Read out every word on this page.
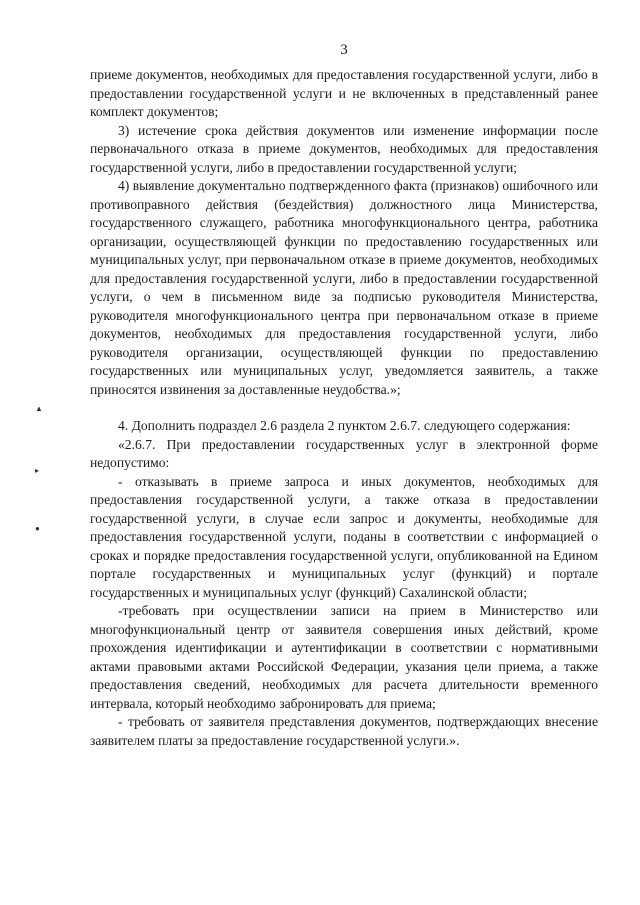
3
▲
▸
●

приеме документов, необходимых для предоставления государственной услуги, либо в предоставлении государственной услуги и не включенных в представленный ранее комплект документов;

3) истечение срока действия документов или изменение информации после первоначального отказа в приеме документов, необходимых для предоставления государственной услуги, либо в предоставлении государственной услуги;

4) выявление документально подтвержденного факта (признаков) ошибочного или противоправного действия (бездействия) должностного лица Министерства, государственного служащего, работника многофункционального центра, работника организации, осуществляющей функции по предоставлению государственных или муниципальных услуг, при первоначальном отказе в приеме документов, необходимых для предоставления государственной услуги, либо в предоставлении государственной услуги, о чем в письменном виде за подписью руководителя Министерства, руководителя многофункционального центра при первоначальном отказе в приеме документов, необходимых для предоставления государственной услуги, либо руководителя организации, осуществляющей функции по предоставлению государственных или муниципальных услуг, уведомляется заявитель, а также приносятся извинения за доставленные неудобства.»;

4. Дополнить подраздел 2.6 раздела 2 пунктом 2.6.7. следующего содержания:

«2.6.7. При предоставлении государственных услуг в электронной форме недопустимо:

- отказывать в приеме запроса и иных документов, необходимых для предоставления государственной услуги, а также отказа в предоставлении государственной услуги, в случае если запрос и документы, необходимые для предоставления государственной услуги, поданы в соответствии с информацией о сроках и порядке предоставления государственной услуги, опубликованной на Едином портале государственных и муниципальных услуг (функций) и портале государственных и муниципальных услуг (функций) Сахалинской области;

-требовать при осуществлении записи на прием в Министерство или многофункциональный центр от заявителя совершения иных действий, кроме прохождения идентификации и аутентификации в соответствии с нормативными актами правовыми актами Российской Федерации, указания цели приема, а также предоставления сведений, необходимых для расчета длительности временного интервала, который необходимо забронировать для приема;

- требовать от заявителя представления документов, подтверждающих внесение заявителем платы за предоставление государственной услуги.».
